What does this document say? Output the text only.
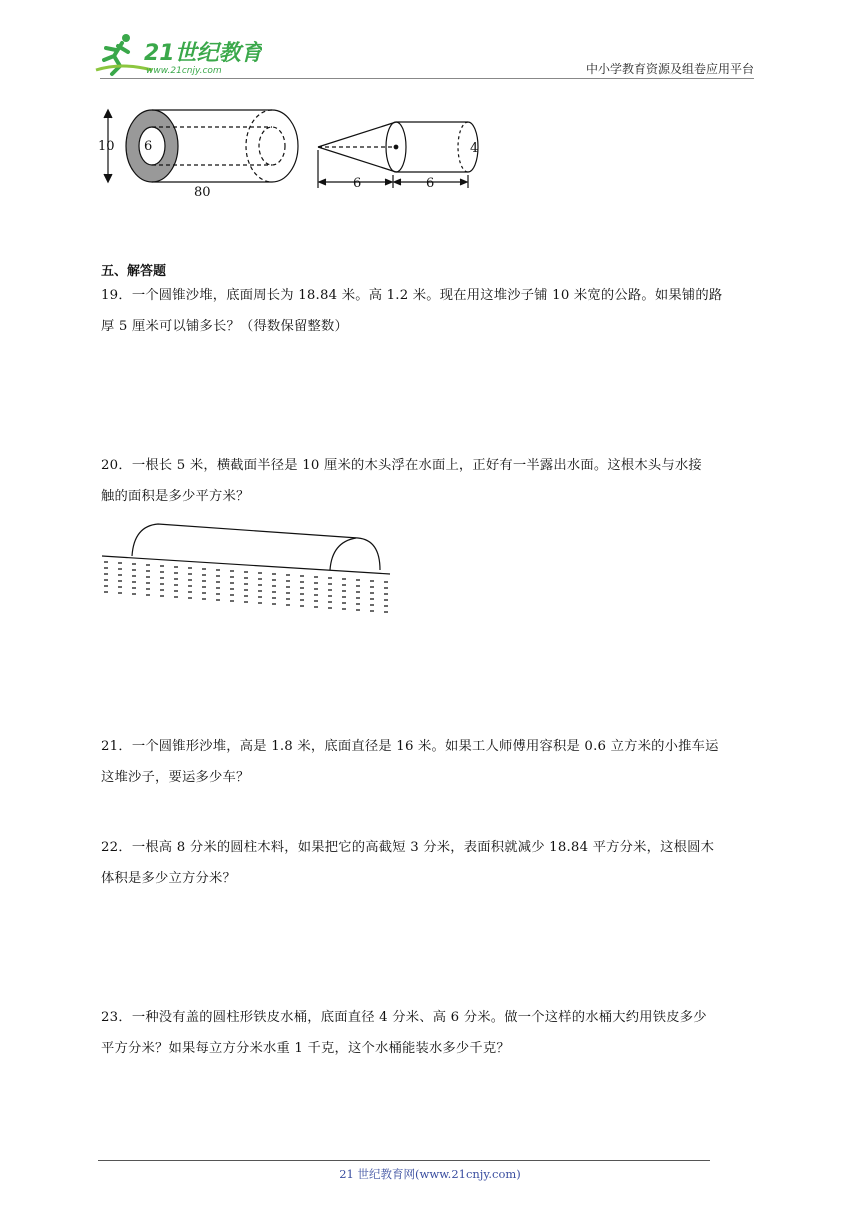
21世纪教育
www.21cnjy.com	中小学教育资源及组卷应用平台
10 6
80
4
6	6
五、解答题
19．一个圆锥沙堆，底面周长为 18.84 米。高 1.2 米。现在用这堆沙子铺 10 米宽的公路。如果铺的路
厚 5 厘米可以铺多长？（得数保留整数）
20．一根长 5 米，横截面半径是 10 厘米的木头浮在水面上，正好有一半露出水面。这根木头与水接
触的面积是多少平方米？
21．一个圆锥形沙堆，高是 1.8 米，底面直径是 16 米。如果工人师傅用容积是 0.6 立方米的小推车运
这堆沙子，要运多少车？
22．一根高 8 分米的圆柱木料，如果把它的高截短 3 分米，表面积就减少 18.84 平方分米，这根圆木
体积是多少立方分米？
23．一种没有盖的圆柱形铁皮水桶，底面直径 4 分米、高 6 分米。做一个这样的水桶大约用铁皮多少
平方分米？如果每立方分米水重 1 千克，这个水桶能装水多少千克？
21 世纪教育网(www.21cnjy.com)
